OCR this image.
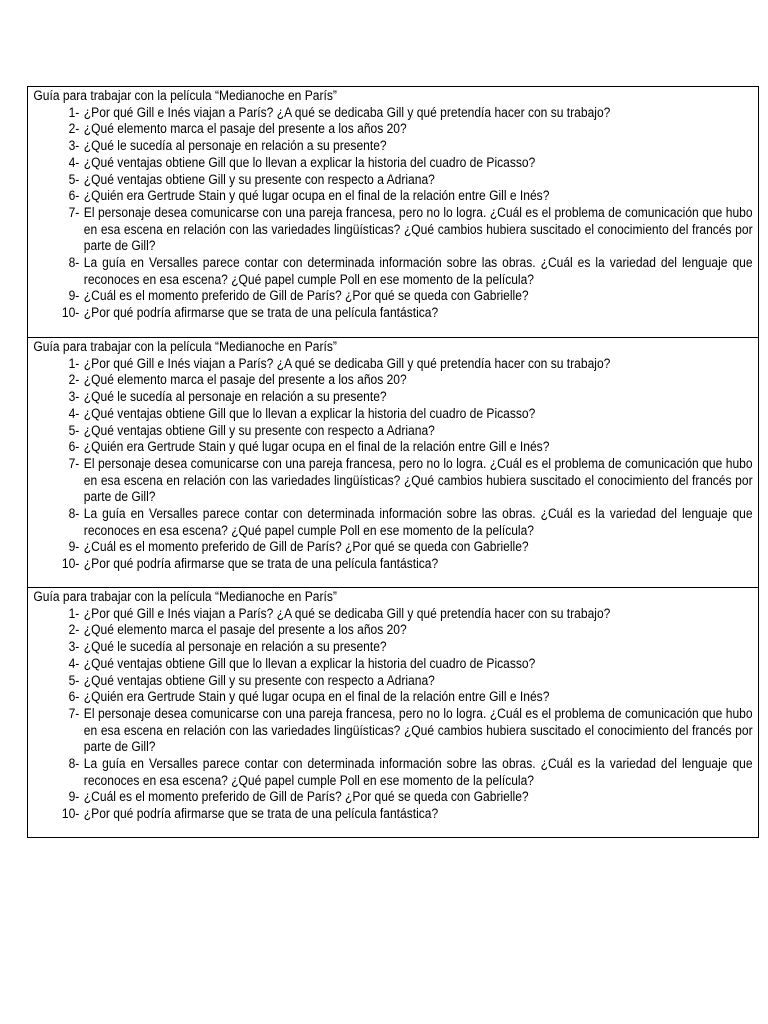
Guía para trabajar con la película “Medianoche en París”

1- ¿Por qué Gill e Inés viajan a París? ¿A qué se dedicaba Gill y qué pretendía hacer con su trabajo?
2- ¿Qué elemento marca el pasaje del presente a los años 20?
3- ¿Qué le sucedía al personaje en relación a su presente?
4- ¿Qué ventajas obtiene Gill que lo llevan a explicar la historia del cuadro de Picasso?
5- ¿Qué ventajas obtiene Gill y su presente con respecto a Adriana?
6- ¿Quién era Gertrude Stain y qué lugar ocupa en el final de la relación entre Gill e Inés?
7- El personaje desea comunicarse con una pareja francesa, pero no lo logra. ¿Cuál es el problema de comunicación que hubo en esa escena en relación con las variedades lingüísticas? ¿Qué cambios hubiera suscitado el conocimiento del francés por parte de Gill?
8- La guía en Versalles parece contar con determinada información sobre las obras. ¿Cuál es la variedad del lenguaje que reconoces en esa escena? ¿Qué papel cumple Poll en ese momento de la película?
9- ¿Cuál es el momento preferido de Gill de París? ¿Por qué se queda con Gabrielle?
10- ¿Por qué podría afirmarse que se trata de una película fantástica?

Guía para trabajar con la película “Medianoche en París”

1- ¿Por qué Gill e Inés viajan a París? ¿A qué se dedicaba Gill y qué pretendía hacer con su trabajo?
2- ¿Qué elemento marca el pasaje del presente a los años 20?
3- ¿Qué le sucedía al personaje en relación a su presente?
4- ¿Qué ventajas obtiene Gill que lo llevan a explicar la historia del cuadro de Picasso?
5- ¿Qué ventajas obtiene Gill y su presente con respecto a Adriana?
6- ¿Quién era Gertrude Stain y qué lugar ocupa en el final de la relación entre Gill e Inés?
7- El personaje desea comunicarse con una pareja francesa, pero no lo logra. ¿Cuál es el problema de comunicación que hubo en esa escena en relación con las variedades lingüísticas? ¿Qué cambios hubiera suscitado el conocimiento del francés por parte de Gill?
8- La guía en Versalles parece contar con determinada información sobre las obras. ¿Cuál es la variedad del lenguaje que reconoces en esa escena? ¿Qué papel cumple Poll en ese momento de la película?
9- ¿Cuál es el momento preferido de Gill de París? ¿Por qué se queda con Gabrielle?
10- ¿Por qué podría afirmarse que se trata de una película fantástica?

Guía para trabajar con la película “Medianoche en París”

1- ¿Por qué Gill e Inés viajan a París? ¿A qué se dedicaba Gill y qué pretendía hacer con su trabajo?
2- ¿Qué elemento marca el pasaje del presente a los años 20?
3- ¿Qué le sucedía al personaje en relación a su presente?
4- ¿Qué ventajas obtiene Gill que lo llevan a explicar la historia del cuadro de Picasso?
5- ¿Qué ventajas obtiene Gill y su presente con respecto a Adriana?
6- ¿Quién era Gertrude Stain y qué lugar ocupa en el final de la relación entre Gill e Inés?
7- El personaje desea comunicarse con una pareja francesa, pero no lo logra. ¿Cuál es el problema de comunicación que hubo en esa escena en relación con las variedades lingüísticas? ¿Qué cambios hubiera suscitado el conocimiento del francés por parte de Gill?
8- La guía en Versalles parece contar con determinada información sobre las obras. ¿Cuál es la variedad del lenguaje que reconoces en esa escena? ¿Qué papel cumple Poll en ese momento de la película?
9- ¿Cuál es el momento preferido de Gill de París? ¿Por qué se queda con Gabrielle?
10- ¿Por qué podría afirmarse que se trata de una película fantástica?
